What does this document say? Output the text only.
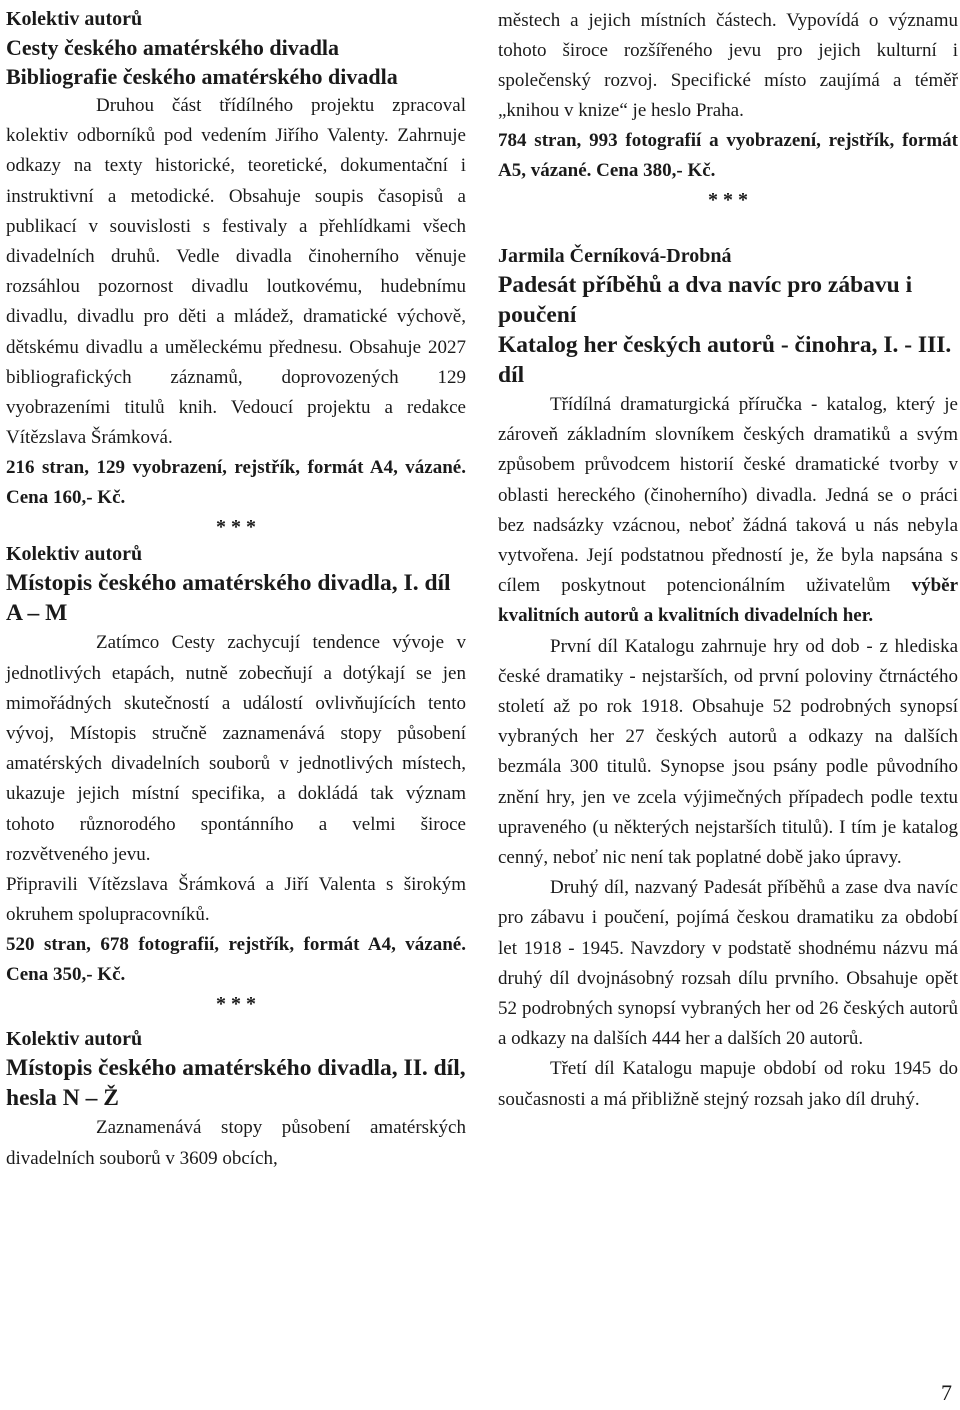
Kolektiv autorů
Cesty českého amatérského divadla
Bibliografie českého amatérského divadla

Druhou část třídílného projektu zpracoval kolektiv odborníků pod vedením Jiřího Valenty. Zahrnuje odkazy na texty historické, teoretické, dokumentační i instruktivní a metodické. Obsahuje soupis časopisů a publikací v souvislosti s festivaly a přehlídkami všech divadelních druhů. Vedle divadla činoherního věnuje rozsáhlou pozornost divadlu loutkovému, hudebnímu divadlu, divadlu pro děti a mládež, dramatické výchově, dětskému divadlu a uměleckému přednesu. Obsahuje 2027 bibliografických záznamů, doprovozených 129 vyobrazeními titulů knih. Vedoucí projektu a redakce Vítězslava Šrámková.

216 stran, 129 vyobrazení, rejstřík, formát A4, vázané. Cena 160,- Kč.

* * *

Kolektiv autorů
Místopis českého amatérského divadla, I. díl A – M

Zatímco Cesty zachycují tendence vývoje v jednotlivých etapách, nutně zobecňují a dotýkají se jen mimořádných skutečností a událostí ovlivňujících tento vývoj, Místopis stručně zaznamenává stopy působení amatérských divadelních souborů v jednotlivých místech, ukazuje jejich místní specifika, a dokládá tak význam tohoto různorodého spontánního a velmi široce rozvětveného jevu.

Připravili Vítězslava Šrámková a Jiří Valenta s širokým okruhem spolupracovníků.

520 stran, 678 fotografií, rejstřík, formát A4, vázané. Cena 350,- Kč.

* * *

Kolektiv autorů
Místopis českého amatérského divadla, II. díl, hesla N – Ž

Zaznamenává stopy působení amatérských divadelních souborů v 3609 obcích,

městech a jejich místních částech. Vypovídá o významu tohoto široce rozšířeného jevu pro jejich kulturní i společenský rozvoj. Specifické místo zaujímá a téměř „knihou v knize“ je heslo Praha.

784 stran, 993 fotografií a vyobrazení, rejstřík, formát A5, vázané. Cena 380,- Kč.

* * *

Jarmila Černíková-Drobná
Padesát příběhů a dva navíc pro zábavu i poučení
Katalog her českých autorů - činohra, I. - III. díl

Třídílná dramaturgická příručka - katalog, který je zároveň základním slovníkem českých dramatiků a svým způsobem průvodcem historií české dramatické tvorby v oblasti hereckého (činoherního) divadla. Jedná se o práci bez nadsázky vzácnou, neboť žádná taková u nás nebyla vytvořena. Její podstatnou předností je, že byla napsána s cílem poskytnout potencionálním uživatelům výběr kvalitních autorů a kvalitních divadelních her.

První díl Katalogu zahrnuje hry od dob - z hlediska české dramatiky - nejstarších, od první poloviny čtrnáctého století až po rok 1918. Obsahuje 52 podrobných synopsí vybraných her 27 českých autorů a odkazy na dalších bezmála 300 titulů. Synopse jsou psány podle původního znění hry, jen ve zcela výjimečných případech podle textu upraveného (u některých nejstarších titulů). I tím je katalog cenný, neboť nic není tak poplatné době jako úpravy.

Druhý díl, nazvaný Padesát příběhů a zase dva navíc pro zábavu i poučení, pojímá českou dramatiku za období let 1918 - 1945. Navzdory v podstatě shodnému názvu má druhý díl dvojnásobný rozsah dílu prvního. Obsahuje opět 52 podrobných synopsí vybraných her od 26 českých autorů a odkazy na dalších 444 her a dalších 20 autorů.

Třetí díl Katalogu mapuje období od roku 1945 do současnosti a má přibližně stejný rozsah jako díl druhý.

7
